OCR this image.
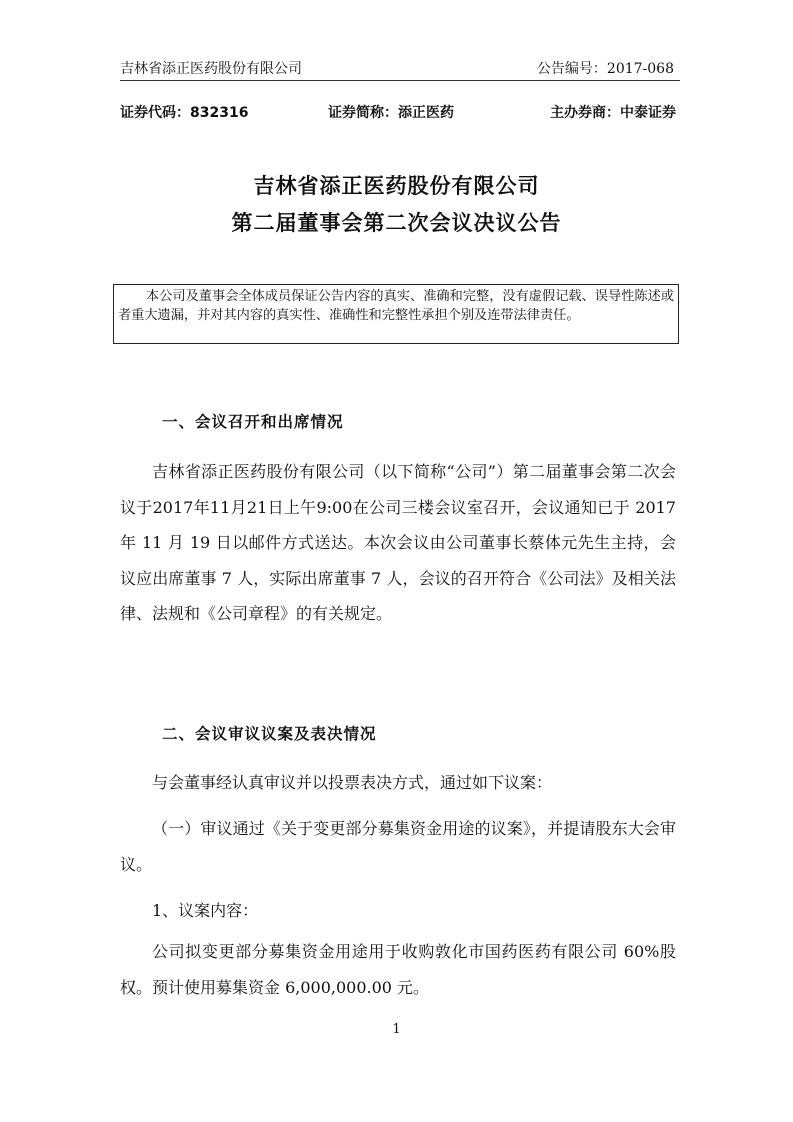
吉林省添正医药股份有限公司	公告编号：2017-068
证券代码：832316	证券简称：添正医药	主办券商：中泰证券
吉林省添正医药股份有限公司
第二届董事会第二次会议决议公告
本公司及董事会全体成员保证公告内容的真实、准确和完整，没有虚假记载、误导性陈述或者重大遗漏，并对其内容的真实性、准确性和完整性承担个别及连带法律责任。
一、会议召开和出席情况
吉林省添正医药股份有限公司（以下简称“公司”）第二届董事会第二次会议于2017年11月21日上午9:00在公司三楼会议室召开，会议通知已于 2017 年 11 月 19 日以邮件方式送达。本次会议由公司董事长蔡体元先生主持，会议应出席董事 7 人，实际出席董事 7 人，会议的召开符合《公司法》及相关法律、法规和《公司章程》的有关规定。
二、会议审议议案及表决情况
与会董事经认真审议并以投票表决方式，通过如下议案：
（一）审议通过《关于变更部分募集资金用途的议案》，并提请股东大会审议。
1、议案内容：
公司拟变更部分募集资金用途用于收购敦化市国药医药有限公司 60%股权。预计使用募集资金 6,000,000.00 元。
1
